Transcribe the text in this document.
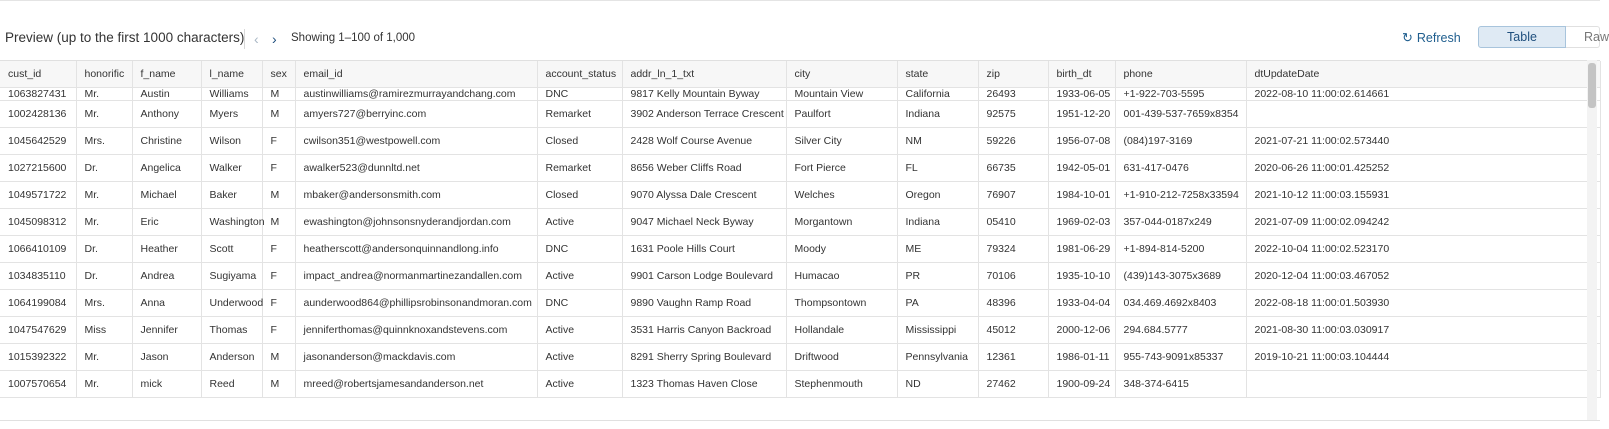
Preview (up to the first 1000 characters) ‹ › Showing 1–100 of 1,000	↻ Refresh	Table	Raw
cust_id	honorific	f_name	l_name	sex	email_id	account_status	addr_ln_1_txt	city	state	zip	birth_dt	phone	dtUpdateDate
1063827431	Mr.	Austin	Williams	M	austinwilliams@ramirezmurrayandchang.com	DNC	9817 Kelly Mountain Byway	Mountain View	California	26493	1933-06-05	+1-922-703-5595	2022-08-10 11:00:02.614661
1002428136	Mr.	Anthony	Myers	M	amyers727@berryinc.com	Remarket	3902 Anderson Terrace Crescent	Paulfort	Indiana	92575	1951-12-20	001-439-537-7659x8354	
1045642529	Mrs.	Christine	Wilson	F	cwilson351@westpowell.com	Closed	2428 Wolf Course Avenue	Silver City	NM	59226	1956-07-08	(084)197-3169	2021-07-21 11:00:02.573440
1027215600	Dr.	Angelica	Walker	F	awalker523@dunnltd.net	Remarket	8656 Weber Cliffs Road	Fort Pierce	FL	66735	1942-05-01	631-417-0476	2020-06-26 11:00:01.425252
1049571722	Mr.	Michael	Baker	M	mbaker@andersonsmith.com	Closed	9070 Alyssa Dale Crescent	Welches	Oregon	76907	1984-10-01	+1-910-212-7258x33594	2021-10-12 11:00:03.155931
1045098312	Mr.	Eric	Washington	M	ewashington@johnsonsnyderandjordan.com	Active	9047 Michael Neck Byway	Morgantown	Indiana	05410	1969-02-03	357-044-0187x249	2021-07-09 11:00:02.094242
1066410109	Dr.	Heather	Scott	F	heatherscott@andersonquinnandlong.info	DNC	1631 Poole Hills Court	Moody	ME	79324	1981-06-29	+1-894-814-5200	2022-10-04 11:00:02.523170
1034835110	Dr.	Andrea	Sugiyama	F	impact_andrea@normanmartinezandallen.com	Active	9901 Carson Lodge Boulevard	Humacao	PR	70106	1935-10-10	(439)143-3075x3689	2020-12-04 11:00:03.467052
1064199084	Mrs.	Anna	Underwood	F	aunderwood864@phillipsrobinsonandmoran.com	DNC	9890 Vaughn Ramp Road	Thompsontown	PA	48396	1933-04-04	034.469.4692x8403	2022-08-18 11:00:01.503930
1047547629	Miss	Jennifer	Thomas	F	jenniferthomas@quinnknoxandstevens.com	Active	3531 Harris Canyon Backroad	Hollandale	Mississippi	45012	2000-12-06	294.684.5777	2021-08-30 11:00:03.030917
1015392322	Mr.	Jason	Anderson	M	jasonanderson@mackdavis.com	Active	8291 Sherry Spring Boulevard	Driftwood	Pennsylvania	12361	1986-01-11	955-743-9091x85337	2019-10-21 11:00:03.104444
1007570654	Mr.	mick	Reed	M	mreed@robertsjamesandanderson.net	Active	1323 Thomas Haven Close	Stephenmouth	ND	27462	1900-09-24	348-374-6415	
